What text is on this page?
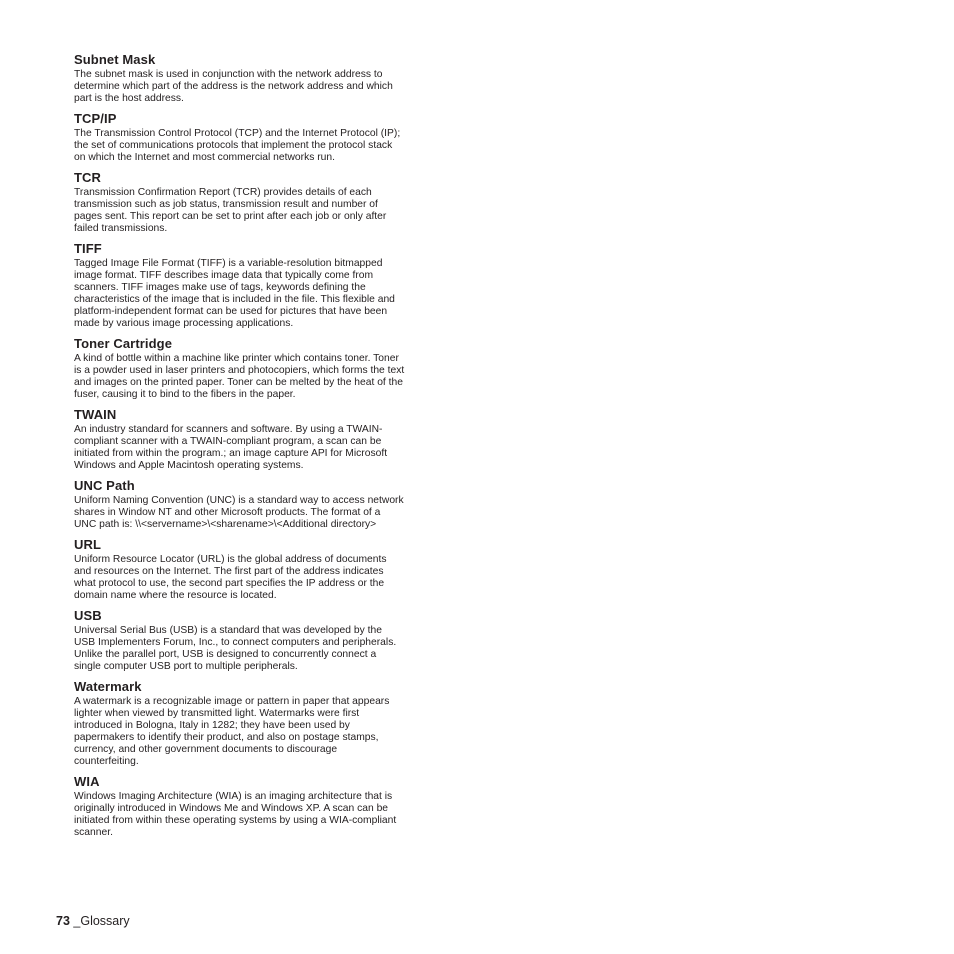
Subnet Mask
The subnet mask is used in conjunction with the network address to
determine which part of the address is the network address and which
part is the host address.
TCP/IP
The Transmission Control Protocol (TCP) and the Internet Protocol (IP);
the set of communications protocols that implement the protocol stack
on which the Internet and most commercial networks run.
TCR
Transmission Confirmation Report (TCR) provides details of each
transmission such as job status, transmission result and number of
pages sent. This report can be set to print after each job or only after
failed transmissions.
TIFF
Tagged Image File Format (TIFF) is a variable-resolution bitmapped
image format. TIFF describes image data that typically come from
scanners. TIFF images make use of tags, keywords defining the
characteristics of the image that is included in the file. This flexible and
platform-independent format can be used for pictures that have been
made by various image processing applications.
Toner Cartridge
A kind of bottle within a machine like printer which contains toner. Toner
is a powder used in laser printers and photocopiers, which forms the text
and images on the printed paper. Toner can be melted by the heat of the
fuser, causing it to bind to the fibers in the paper.
TWAIN
An industry standard for scanners and software. By using a TWAIN-
compliant scanner with a TWAIN-compliant program, a scan can be
initiated from within the program.; an image capture API for Microsoft
Windows and Apple Macintosh operating systems.
UNC Path
Uniform Naming Convention (UNC) is a standard way to access network
shares in Window NT and other Microsoft products. The format of a
UNC path is: \\<servername>\<sharename>\<Additional directory>
URL
Uniform Resource Locator (URL) is the global address of documents
and resources on the Internet. The first part of the address indicates
what protocol to use, the second part specifies the IP address or the
domain name where the resource is located.
USB
Universal Serial Bus (USB) is a standard that was developed by the
USB Implementers Forum, Inc., to connect computers and peripherals.
Unlike the parallel port, USB is designed to concurrently connect a
single computer USB port to multiple peripherals.
Watermark
A watermark is a recognizable image or pattern in paper that appears
lighter when viewed by transmitted light. Watermarks were first
introduced in Bologna, Italy in 1282; they have been used by
papermakers to identify their product, and also on postage stamps,
currency, and other government documents to discourage
counterfeiting.
WIA
Windows Imaging Architecture (WIA) is an imaging architecture that is
originally introduced in Windows Me and Windows XP. A scan can be
initiated from within these operating systems by using a WIA-compliant
scanner.
73 _Glossary
